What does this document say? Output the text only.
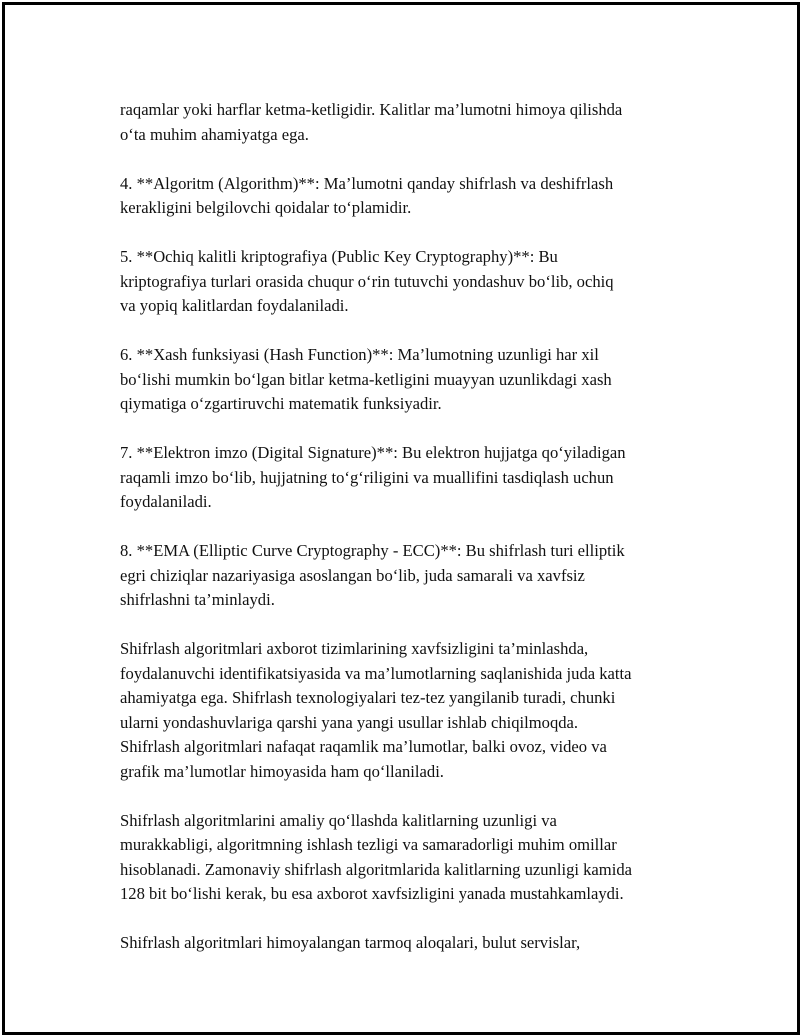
raqamlar yoki harflar ketma-ketligidir. Kalitlar ma’lumotni himoya qilishda
o‘ta muhim ahamiyatga ega.

4. **Algoritm (Algorithm)**: Ma’lumotni qanday shifrlash va deshifrlash
kerakligini belgilovchi qoidalar to‘plamidir.

5. **Ochiq kalitli kriptografiya (Public Key Cryptography)**: Bu
kriptografiya turlari orasida chuqur o‘rin tutuvchi yondashuv bo‘lib, ochiq
va yopiq kalitlardan foydalaniladi.

6. **Xash funksiyasi (Hash Function)**: Ma’lumotning uzunligi har xil
bo‘lishi mumkin bo‘lgan bitlar ketma-ketligini muayyan uzunlikdagi xash
qiymatiga o‘zgartiruvchi matematik funksiyadir.

7. **Elektron imzo (Digital Signature)**: Bu elektron hujjatga qo‘yiladigan
raqamli imzo bo‘lib, hujjatning to‘g‘riligini va muallifini tasdiqlash uchun
foydalaniladi.

8. **EMA (Elliptic Curve Cryptography - ECC)**: Bu shifrlash turi elliptik
egri chiziqlar nazariyasiga asoslangan bo‘lib, juda samarali va xavfsiz
shifrlashni ta’minlaydi.

Shifrlash algoritmlari axborot tizimlarining xavfsizligini ta’minlashda,
foydalanuvchi identifikatsiyasida va ma’lumotlarning saqlanishida juda katta
ahamiyatga ega. Shifrlash texnologiyalari tez-tez yangilanib turadi, chunki
ularni yondashuvlariga qarshi yana yangi usullar ishlab chiqilmoqda.
Shifrlash algoritmlari nafaqat raqamlik ma’lumotlar, balki ovoz, video va
grafik ma’lumotlar himoyasida ham qo‘llaniladi.

Shifrlash algoritmlarini amaliy qo‘llashda kalitlarning uzunligi va
murakkabligi, algoritmning ishlash tezligi va samaradorligi muhim omillar
hisoblanadi. Zamonaviy shifrlash algoritmlarida kalitlarning uzunligi kamida
128 bit bo‘lishi kerak, bu esa axborot xavfsizligini yanada mustahkamlaydi.

Shifrlash algoritmlari himoyalangan tarmoq aloqalari, bulut servislar,
